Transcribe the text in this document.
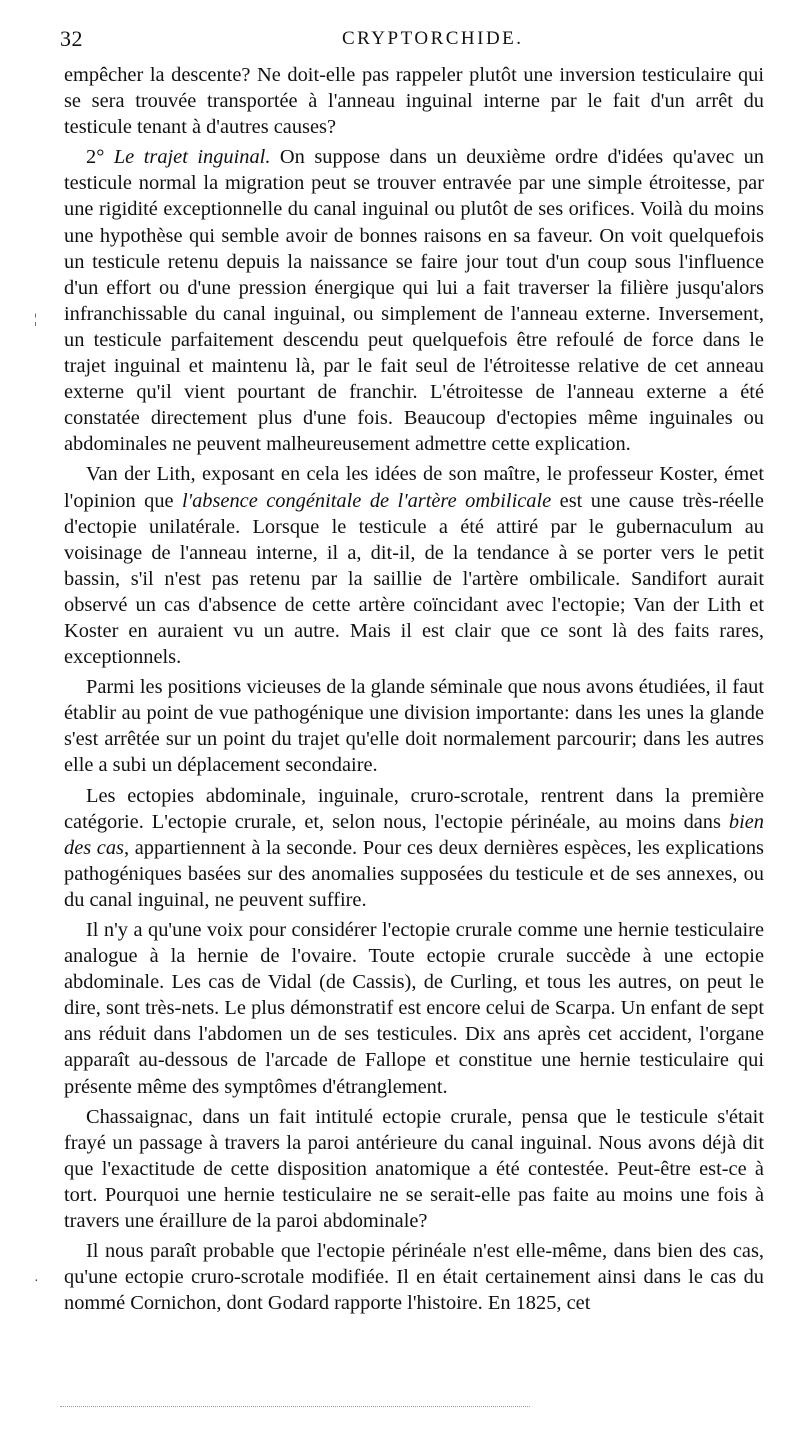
32	CRYPTORCHIDE.

empêcher la descente? Ne doit-elle pas rappeler plutôt une inversion testiculaire qui se sera trouvée transportée à l'anneau inguinal interne par le fait d'un arrêt du testicule tenant à d'autres causes?

2° Le trajet inguinal. On suppose dans un deuxième ordre d'idées qu'avec un testicule normal la migration peut se trouver entravée par une simple étroitesse, par une rigidité exceptionnelle du canal inguinal ou plutôt de ses orifices. Voilà du moins une hypothèse qui semble avoir de bonnes raisons en sa faveur. On voit quelquefois un testicule retenu depuis la naissance se faire jour tout d'un coup sous l'influence d'un effort ou d'une pression énergique qui lui a fait traverser la filière jusqu'alors infranchissable du canal inguinal, ou simplement de l'anneau externe. Inversement, un testicule parfaitement descendu peut quelquefois être refoulé de force dans le trajet inguinal et maintenu là, par le fait seul de l'étroitesse relative de cet anneau externe qu'il vient pourtant de franchir. L'étroitesse de l'anneau externe a été constatée directement plus d'une fois. Beaucoup d'ectopies même inguinales ou abdominales ne peuvent malheureusement admettre cette explication.

Van der Lith, exposant en cela les idées de son maître, le professeur Koster, émet l'opinion que l'absence congénitale de l'artère ombilicale est une cause très-réelle d'ectopie unilatérale. Lorsque le testicule a été attiré par le gubernaculum au voisinage de l'anneau interne, il a, dit-il, de la tendance à se porter vers le petit bassin, s'il n'est pas retenu par la saillie de l'artère ombilicale. Sandifort aurait observé un cas d'absence de cette artère coïncidant avec l'ectopie; Van der Lith et Koster en auraient vu un autre. Mais il est clair que ce sont là des faits rares, exceptionnels.

Parmi les positions vicieuses de la glande séminale que nous avons étudiées, il faut établir au point de vue pathogénique une division importante: dans les unes la glande s'est arrêtée sur un point du trajet qu'elle doit normalement parcourir; dans les autres elle a subi un déplacement secondaire.

Les ectopies abdominale, inguinale, cruro-scrotale, rentrent dans la première catégorie. L'ectopie crurale, et, selon nous, l'ectopie périnéale, au moins dans bien des cas, appartiennent à la seconde. Pour ces deux dernières espèces, les explications pathogéniques basées sur des anomalies supposées du testicule et de ses annexes, ou du canal inguinal, ne peuvent suffire.

Il n'y a qu'une voix pour considérer l'ectopie crurale comme une hernie testiculaire analogue à la hernie de l'ovaire. Toute ectopie crurale succède à une ectopie abdominale. Les cas de Vidal (de Cassis), de Curling, et tous les autres, on peut le dire, sont très-nets. Le plus démonstratif est encore celui de Scarpa. Un enfant de sept ans réduit dans l'abdomen un de ses testicules. Dix ans après cet accident, l'organe apparaît au-dessous de l'arcade de Fallope et constitue une hernie testiculaire qui présente même des symptômes d'étranglement.

Chassaignac, dans un fait intitulé ectopie crurale, pensa que le testicule s'était frayé un passage à travers la paroi antérieure du canal inguinal. Nous avons déjà dit que l'exactitude de cette disposition anatomique a été contestée. Peut-être est-ce à tort. Pourquoi une hernie testiculaire ne se serait-elle pas faite au moins une fois à travers une éraillure de la paroi abdominale?

Il nous paraît probable que l'ectopie périnéale n'est elle-même, dans bien des cas, qu'une ectopie cruro-scrotale modifiée. Il en était certainement ainsi dans le cas du nommé Cornichon, dont Godard rapporte l'histoire. En 1825, cet

¦
·
